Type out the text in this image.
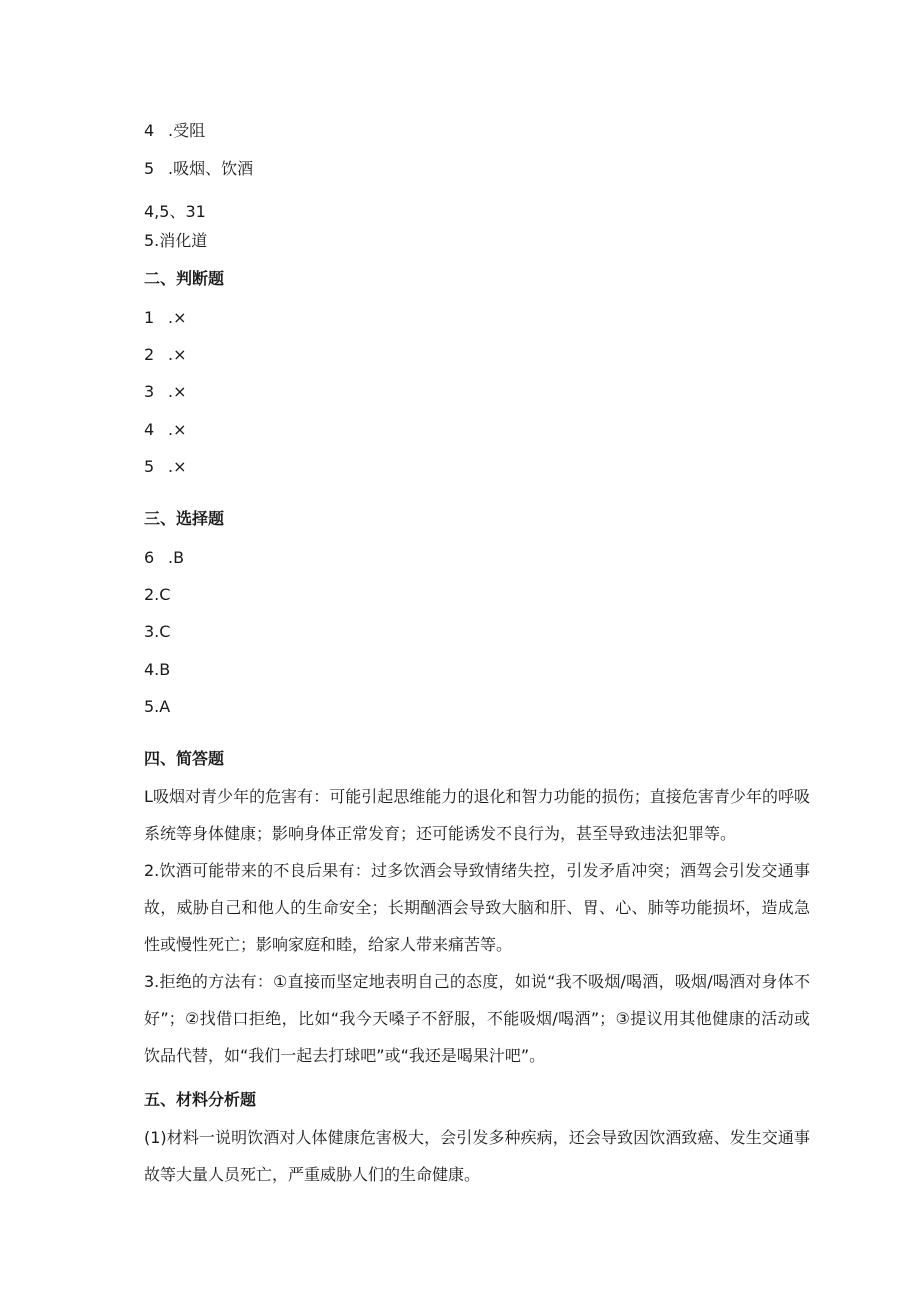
4 .受阻
5 .吸烟、饮酒
4,5、31
5.消化道
二、判断题
1 .×
2 .×
3 .×
4 .×
5 .×
三、选择题
6 .B
2.C
3.C
4.B
5.A
四、简答题
L吸烟对青少年的危害有：可能引起思维能力的退化和智力功能的损伤；直接危害青少年的呼吸系统等身体健康；影响身体正常发育；还可能诱发不良行为，甚至导致违法犯罪等。
2.饮酒可能带来的不良后果有：过多饮酒会导致情绪失控，引发矛盾冲突；酒驾会引发交通事故，威胁自己和他人的生命安全；长期酗酒会导致大脑和肝、胃、心、肺等功能损坏，造成急性或慢性死亡；影响家庭和睦，给家人带来痛苦等。
3.拒绝的方法有：①直接而坚定地表明自己的态度，如说“我不吸烟/喝酒，吸烟/喝酒对身体不好”；②找借口拒绝，比如“我今天嗓子不舒服，不能吸烟/喝酒”；③提议用其他健康的活动或饮品代替，如“我们一起去打球吧”或“我还是喝果汁吧”。
五、材料分析题
(1)材料一说明饮酒对人体健康危害极大，会引发多种疾病，还会导致因饮酒致癌、发生交通事故等大量人员死亡，严重威胁人们的生命健康。
